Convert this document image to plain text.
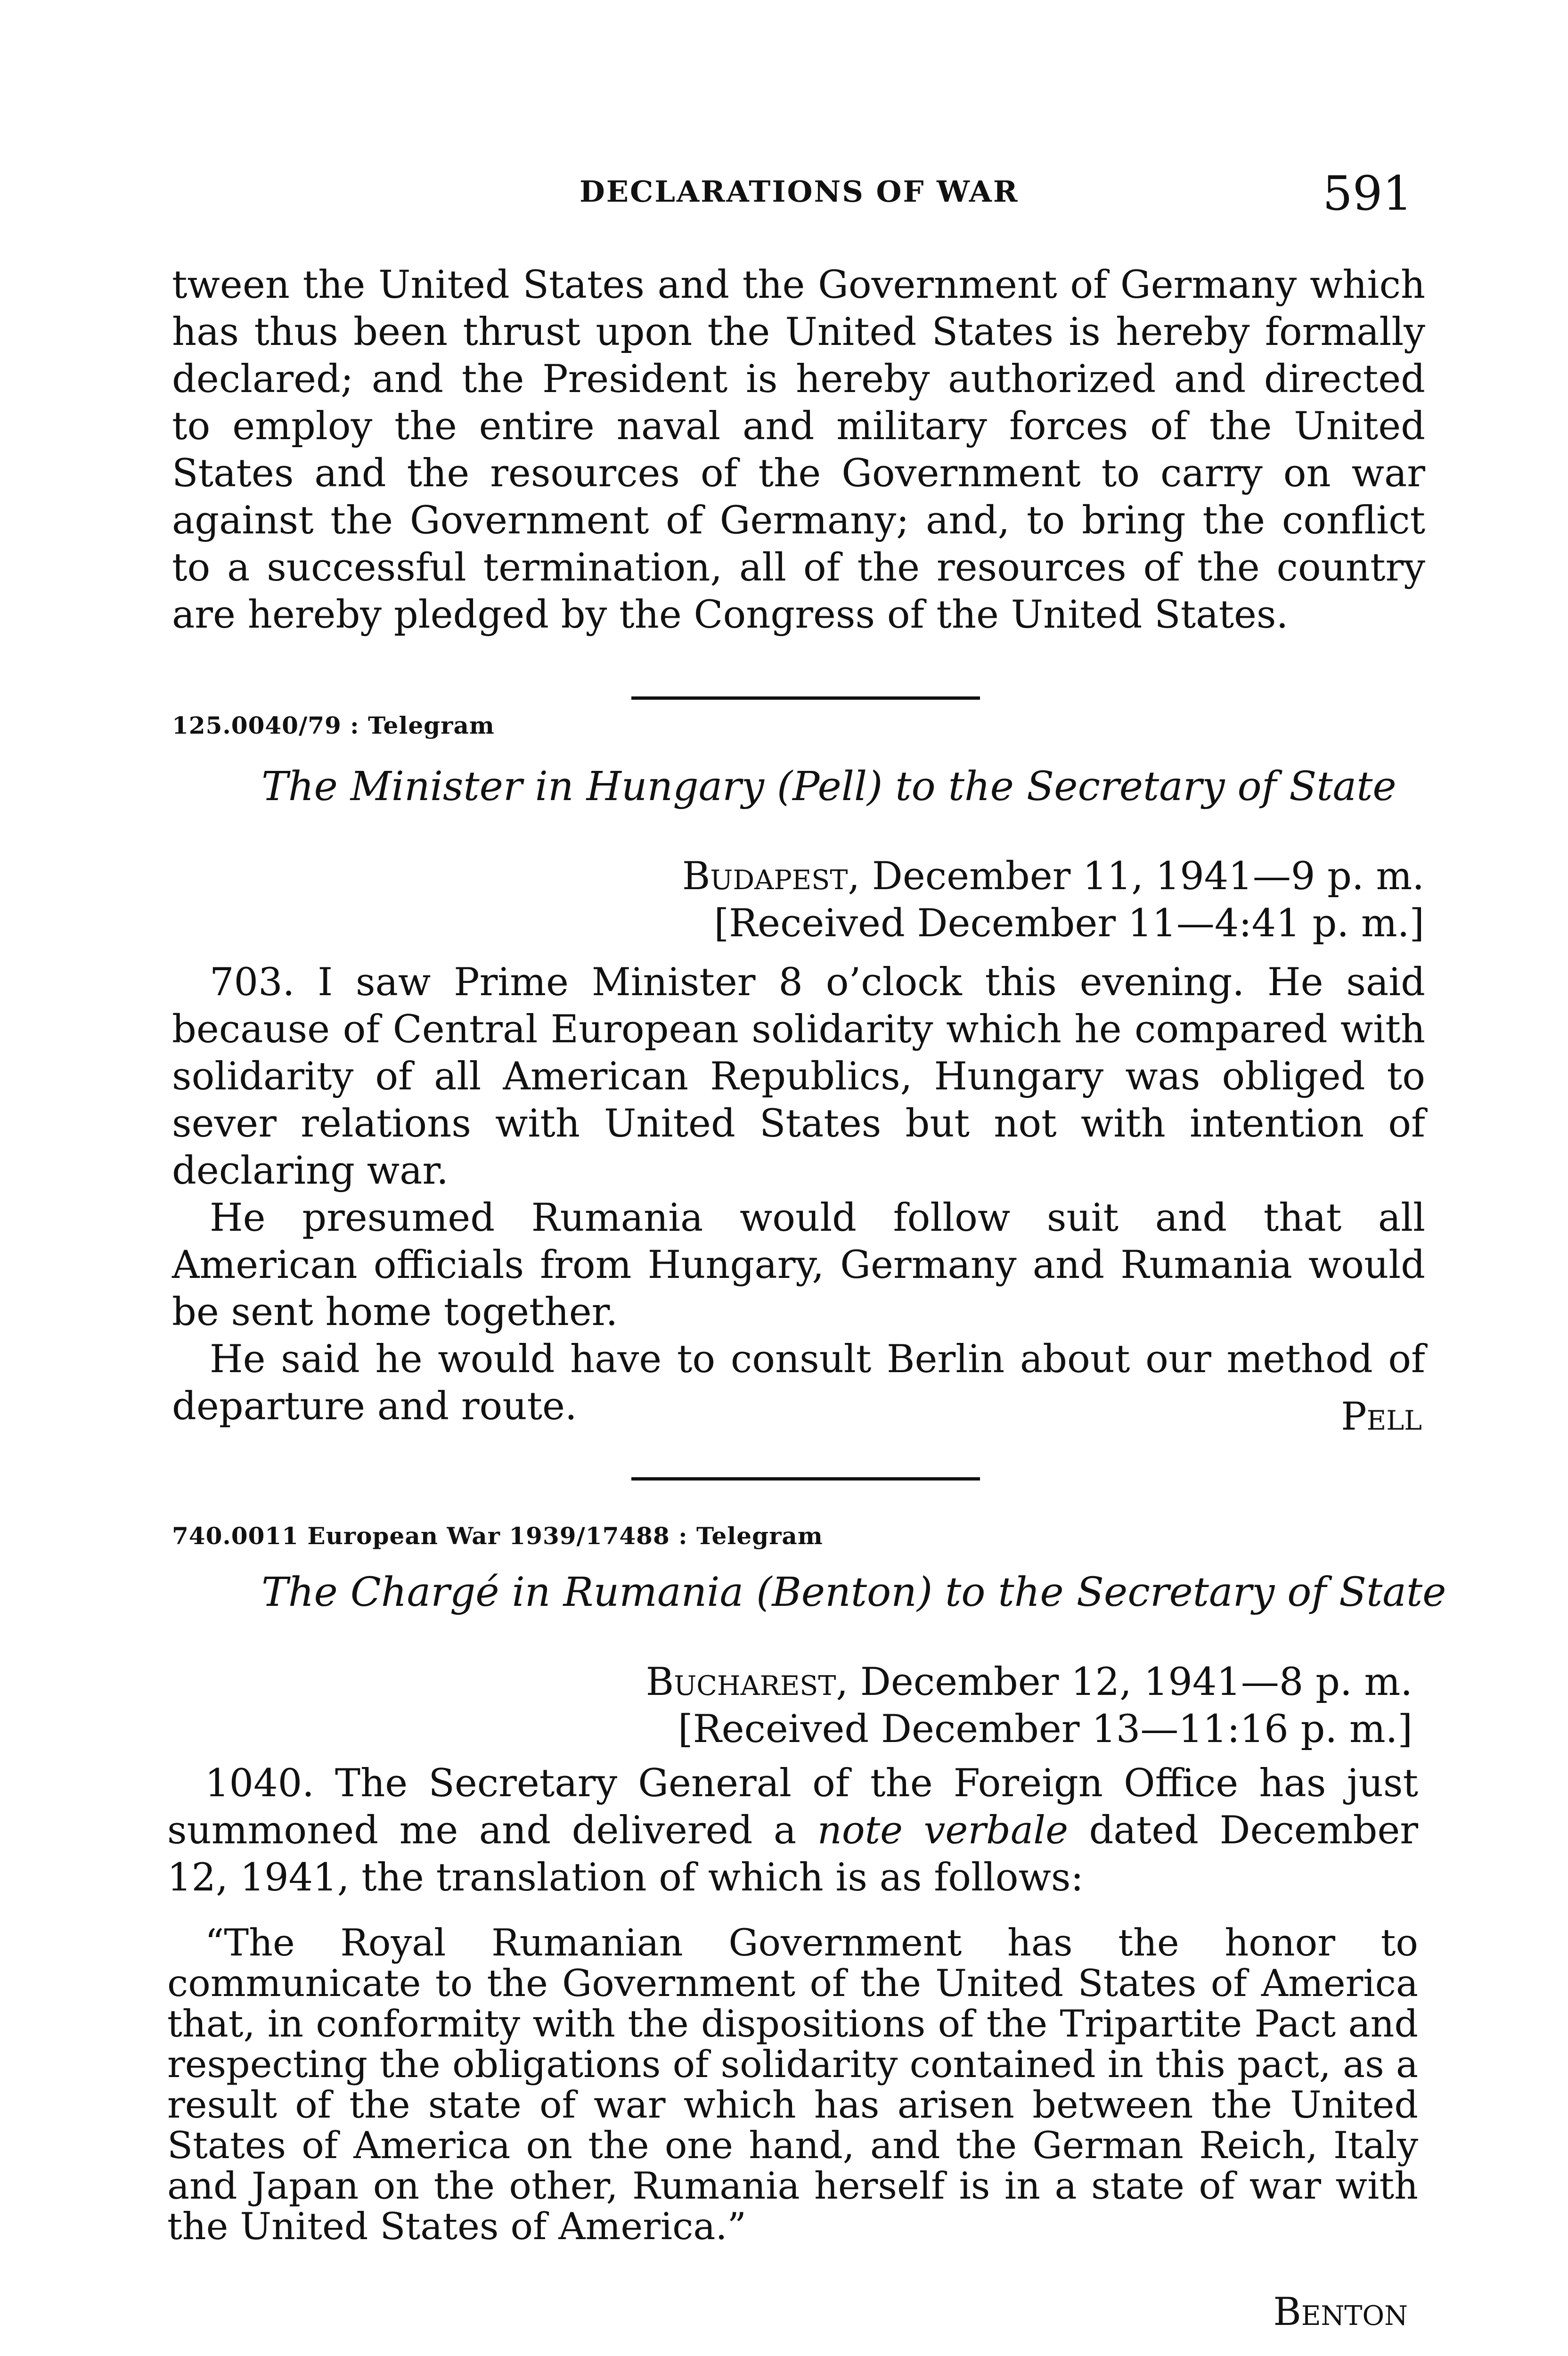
DECLARATIONS OF WAR	591

tween the United States and the Government of Germany which has thus been thrust upon the United States is hereby formally declared; and the President is hereby authorized and directed to employ the entire naval and military forces of the United States and the resources of the Government to carry on war against the Government of Germany; and, to bring the conflict to a successful termination, all of the resources of the country are hereby pledged by the Congress of the United States.

125.0040/79 : Telegram
The Minister in Hungary (Pell) to the Secretary of State
Budapest, December 11, 1941—9 p. m.
[Received December 11—4:41 p. m.]

703. I saw Prime Minister 8 o’clock this evening. He said because of Central European solidarity which he compared with solidarity of all American Republics, Hungary was obliged to sever relations with United States but not with intention of declaring war.

He presumed Rumania would follow suit and that all American officials from Hungary, Germany and Rumania would be sent home together.

He said he would have to consult Berlin about our method of departure and route.	Pell
740.0011 European War 1939/17488 : Telegram
The Chargé in Rumania (Benton) to the Secretary of State
Bucharest, December 12, 1941—8 p. m.
[Received December 13—11:16 p. m.]

1040. The Secretary General of the Foreign Office has just summoned me and delivered a note verbale dated December 12, 1941, the translation of which is as follows:

“The Royal Rumanian Government has the honor to communicate to the Government of the United States of America that, in conformity with the dispositions of the Tripartite Pact and respecting the obligations of solidarity contained in this pact, as a result of the state of war which has arisen between the United States of America on the one hand, and the German Reich, Italy and Japan on the other, Rumania herself is in a state of war with the United States of America.”

Benton
